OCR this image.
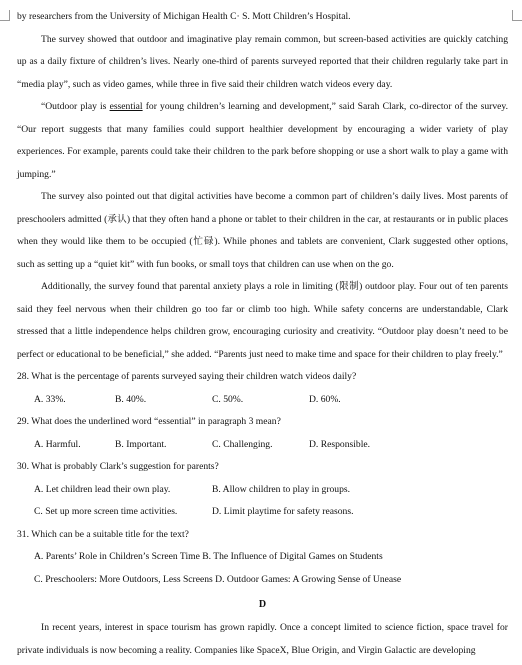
by researchers from the University of Michigan Health C· S. Mott Children’s Hospital.

The survey showed that outdoor and imaginative play remain common, but screen-based activities are quickly catching up as a daily fixture of children’s lives. Nearly one-third of parents surveyed reported that their children regularly take part in “media play”, such as video games, while three in five said their children watch videos every day.

“Outdoor play is essential for young children’s learning and development,” said Sarah Clark, co-director of the survey. “Our report suggests that many families could support healthier development by encouraging a wider variety of play experiences. For example, parents could take their children to the park before shopping or use a short walk to play a game with jumping.”

The survey also pointed out that digital activities have become a common part of children’s daily lives. Most parents of preschoolers admitted (承认) that they often hand a phone or tablet to their children in the car, at restaurants or in public places when they would like them to be occupied (忙碌). While phones and tablets are convenient, Clark suggested other options, such as setting up a “quiet kit” with fun books, or small toys that children can use when on the go.

Additionally, the survey found that parental anxiety plays a role in limiting (限制) outdoor play. Four out of ten parents said they feel nervous when their children go too far or climb too high. While safety concerns are understandable, Clark stressed that a little independence helps children grow, encouraging curiosity and creativity. “Outdoor play doesn’t need to be perfect or educational to be beneficial,” she added. “Parents just need to make time and space for their children to play freely.”

28. What is the percentage of parents surveyed saying their children watch videos daily?
A. 33%.	B. 40%.	C. 50%.	D. 60%.
29. What does the underlined word “essential” in paragraph 3 mean?
A. Harmful.	B. Important.	C. Challenging.	D. Responsible.
30. What is probably Clark’s suggestion for parents?
A. Let children lead their own play.	B. Allow children to play in groups.
C. Set up more screen time activities.	D. Limit playtime for safety reasons.
31. Which can be a suitable title for the text?
A. Parents’ Role in Children’s Screen Time B. The Influence of Digital Games on Students
C. Preschoolers: More Outdoors, Less Screens D. Outdoor Games: A Growing Sense of Unease
D

In recent years, interest in space tourism has grown rapidly. Once a concept limited to science fiction, space travel for private individuals is now becoming a reality. Companies like SpaceX, Blue Origin, and Virgin Galactic are developing
